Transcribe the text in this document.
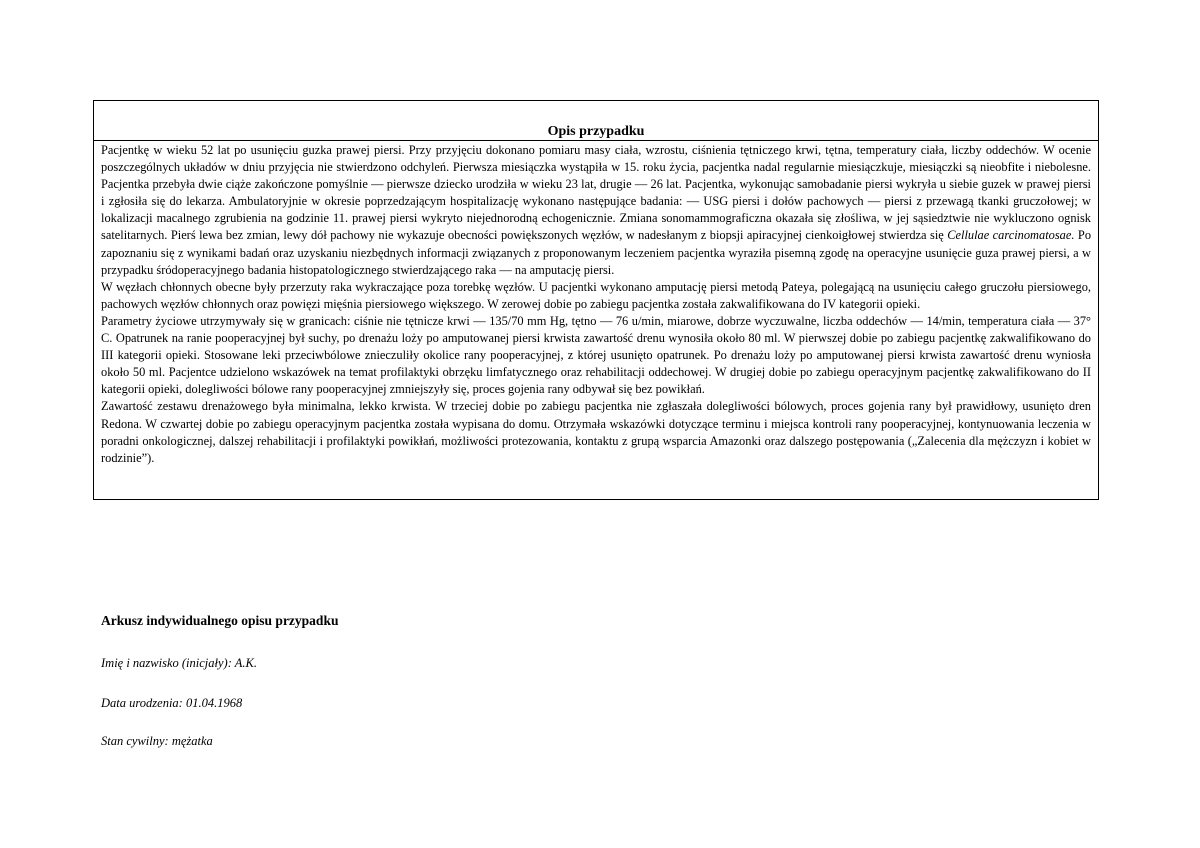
Opis przypadku

Pacjentkę w wieku 52 lat po usunięciu guzka prawej piersi. Przy przyjęciu dokonano pomiaru masy ciała, wzrostu, ciśnienia tętniczego krwi, tętna, temperatury ciała, liczby oddechów. W ocenie poszczególnych układów w dniu przyjęcia nie stwierdzono odchyleń. Pierwsza miesiączka wystąpiła w 15. roku życia, pacjentka nadal regularnie miesiączkuje, miesiączki są nieobfite i niebolesne. Pacjentka przebyła dwie ciąże zakończone pomyślnie — pierwsze dziecko urodziła w wieku 23 lat, drugie — 26 lat. Pacjentka, wykonując samobadanie piersi wykryła u siebie guzek w prawej piersi i zgłosiła się do lekarza. Ambulatoryjnie w okresie poprzedzającym hospitalizację wykonano następujące badania: — USG piersi i dołów pachowych — piersi z przewagą tkanki gruczołowej; w lokalizacji macalnego zgrubienia na godzinie 11. prawej piersi wykryto niejednorodną echogenicznie. Zmiana sonomammograficzna okazała się złośliwa, w jej sąsiedztwie nie wykluczono ognisk satelitarnych. Pierś lewa bez zmian, lewy dół pachowy nie wykazuje obecności powiększonych węzłów, w nadesłanym z biopsji apiracyjnej cienkoigłowej stwierdza się Cellulae carcinomatosae. Po zapoznaniu się z wynikami badań oraz uzyskaniu niezbędnych informacji związanych z proponowanym leczeniem pacjentka wyraziła pisemną zgodę na operacyjne usunięcie guza prawej piersi, a w przypadku śródoperacyjnego badania histopatologicznego stwierdzającego raka — na amputację piersi.

W węzłach chłonnych obecne były przerzuty raka wykraczające poza torebkę węzłów. U pacjentki wykonano amputację piersi metodą Pateya, polegającą na usunięciu całego gruczołu piersiowego, pachowych węzłów chłonnych oraz powięzi mięśnia piersiowego większego. W zerowej dobie po zabiegu pacjentka została zakwalifikowana do IV kategorii opieki.

Parametry życiowe utrzymywały się w granicach: ciśnie nie tętnicze krwi — 135/70 mm Hg, tętno — 76 u/min, miarowe, dobrze wyczuwalne, liczba oddechów — 14/min, temperatura ciała — 37° C. Opatrunek na ranie pooperacyjnej był suchy, po drenażu loży po amputowanej piersi krwista zawartość drenu wynosiła około 80 ml. W pierwszej dobie po zabiegu pacjentkę zakwalifikowano do III kategorii opieki. Stosowane leki przeciwbólowe znieczuliły okolice rany pooperacyjnej, z której usunięto opatrunek. Po drenażu loży po amputowanej piersi krwista zawartość drenu wyniosła około 50 ml. Pacjentce udzielono wskazówek na temat profilaktyki obrzęku limfatycznego oraz rehabilitacji oddechowej. W drugiej dobie po zabiegu operacyjnym pacjentkę zakwalifikowano do II kategorii opieki, dolegliwości bólowe rany pooperacyjnej zmniejszyły się, proces gojenia rany odbywał się bez powikłań.

Zawartość zestawu drenażowego była minimalna, lekko krwista. W trzeciej dobie po zabiegu pacjentka nie zgłaszała dolegliwości bólowych, proces gojenia rany był prawidłowy, usunięto dren Redona. W czwartej dobie po zabiegu operacyjnym pacjentka została wypisana do domu. Otrzymała wskazówki dotyczące terminu i miejsca kontroli rany pooperacyjnej, kontynuowania leczenia w poradni onkologicznej, dalszej rehabilitacji i profilaktyki powikłań, możliwości protezowania, kontaktu z grupą wsparcia Amazonki oraz dalszego postępowania („Zalecenia dla mężczyzn i kobiet w rodzinie”).

Arkusz indywidualnego opisu przypadku
Imię i nazwisko (inicjały): A.K.
Data urodzenia: 01.04.1968
Stan cywilny: mężatka
